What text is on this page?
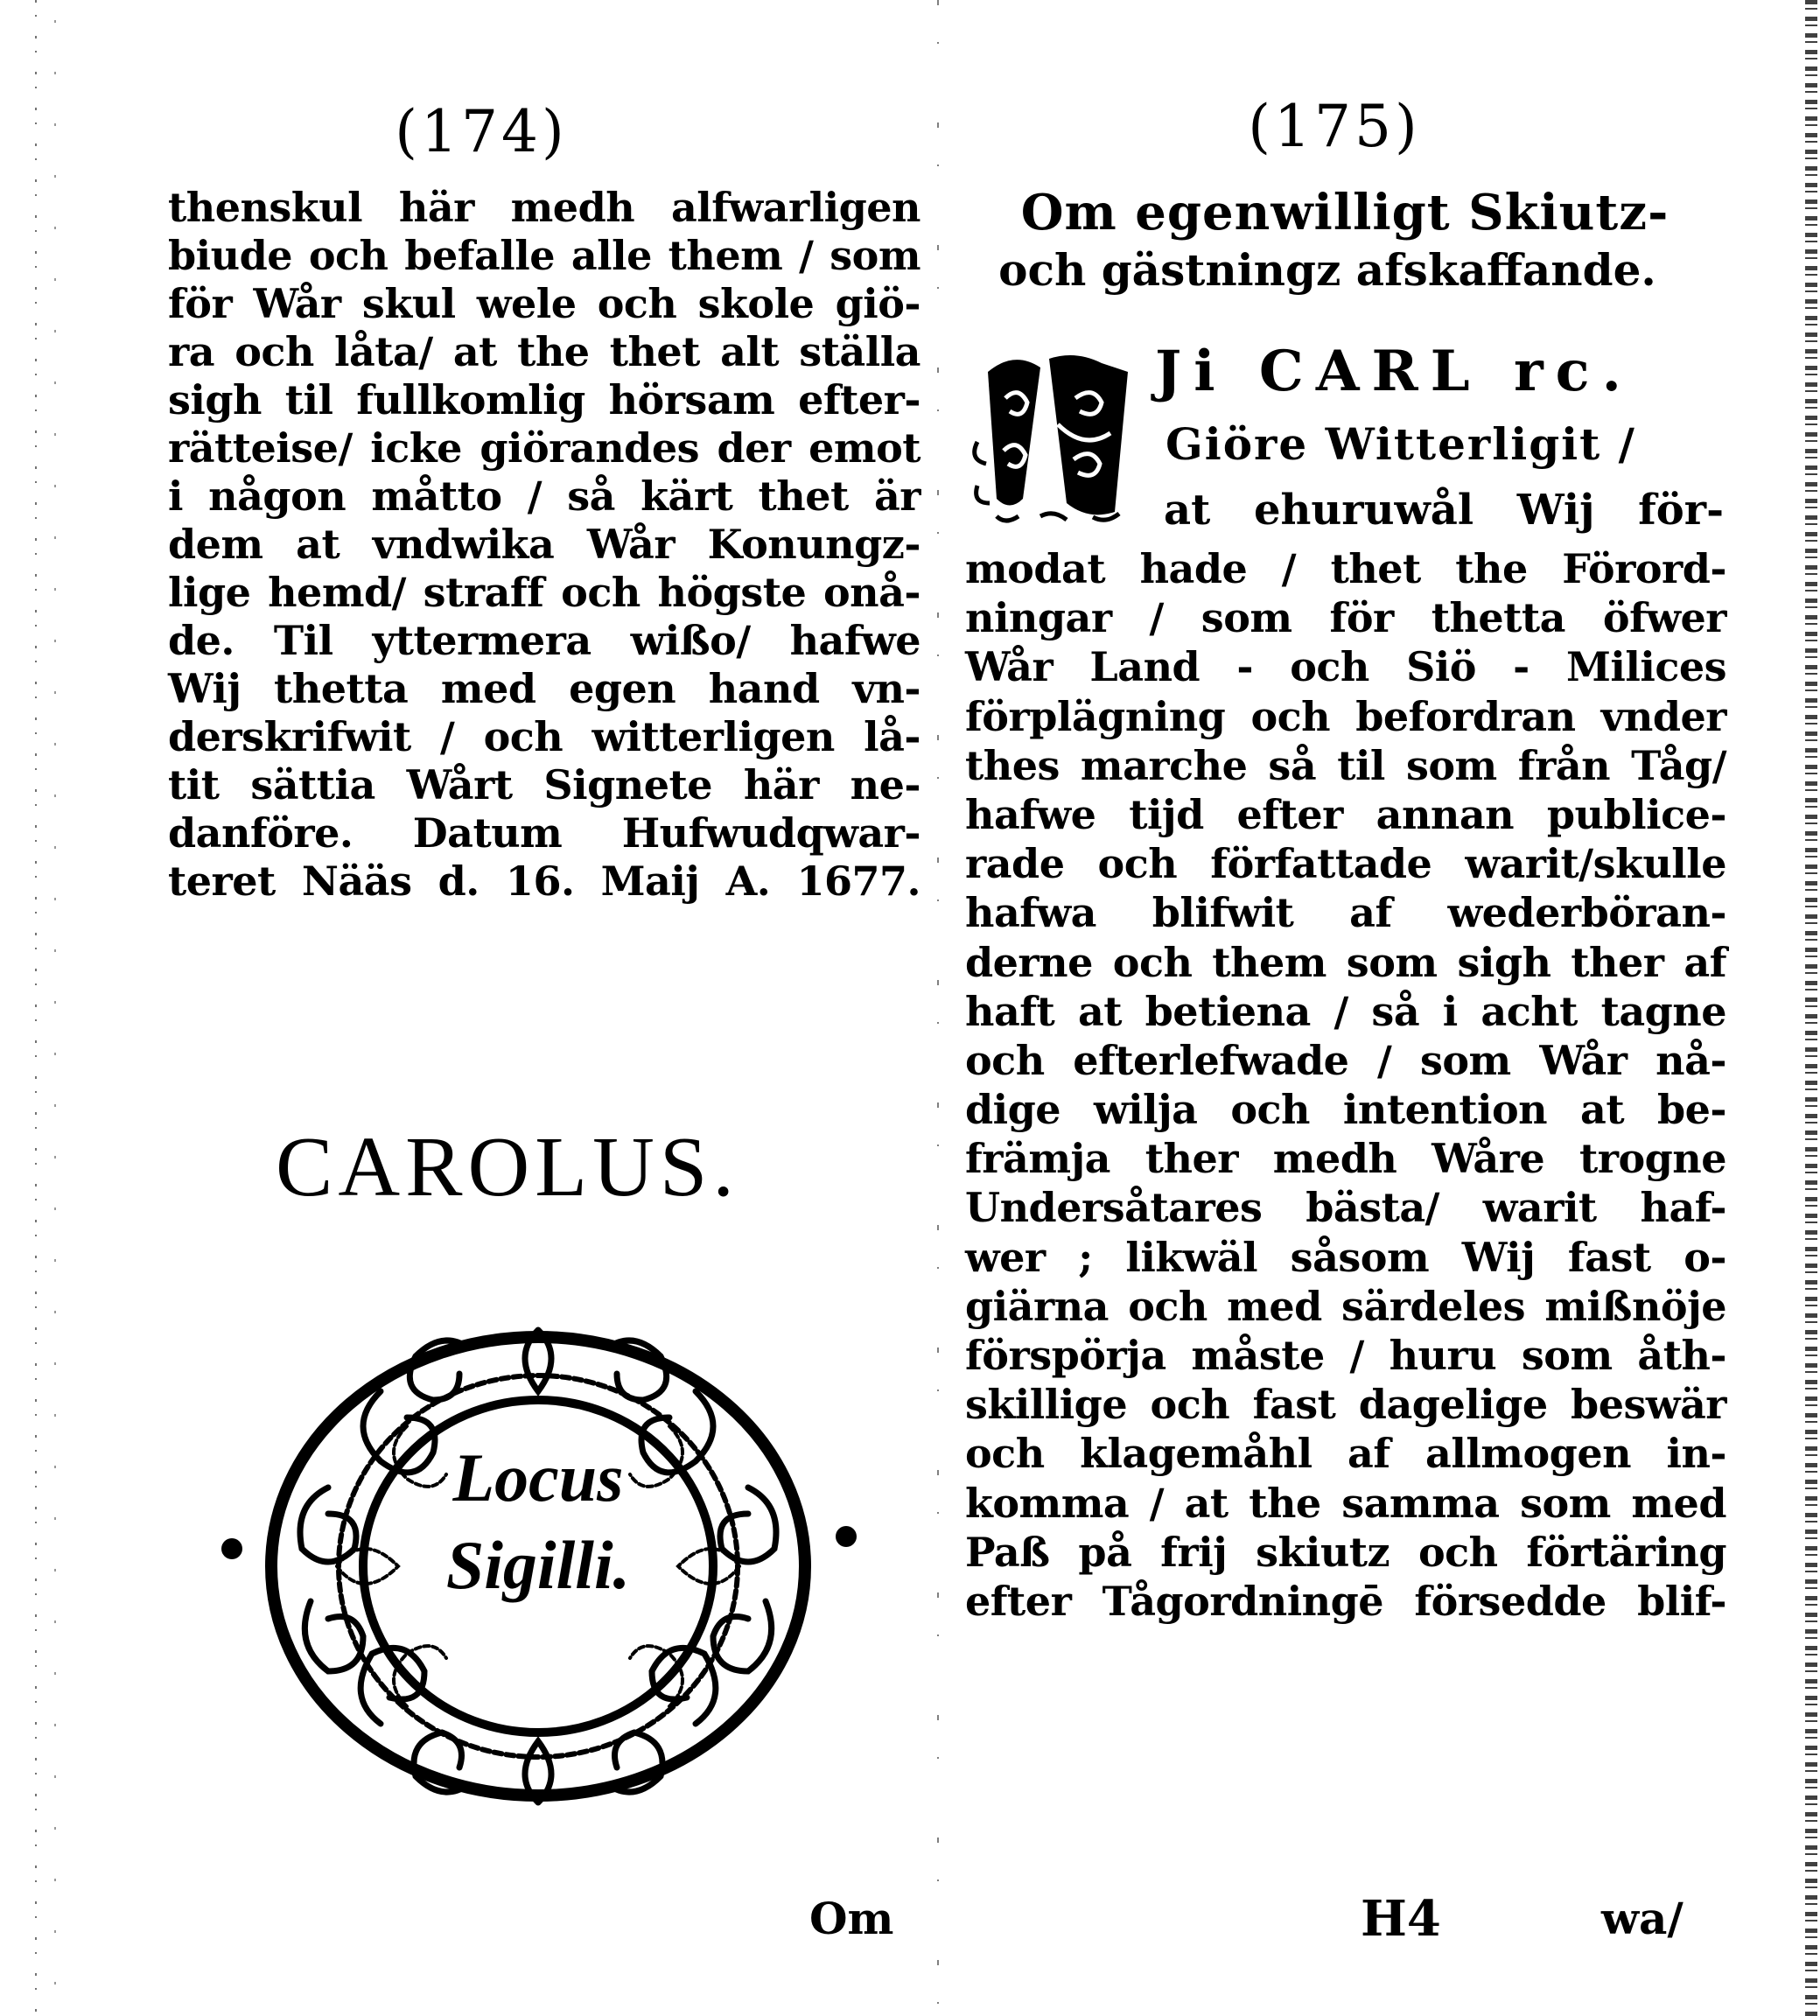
(174)
thenskul här medh alfwarligen
biude och befalle alle them / som
för Wår skul wele och skole giö-
ra och låta/ at the thet alt ställa
sigh til fullkomlig hörsam efter-
rätteise/ icke giörandes der emot
i någon måtto / så kärt thet är
dem at vndwika Wår Konungz-
lige hemd/ straff och högste onå-
de. Til yttermera wißo/ hafwe
Wij thetta med egen hand vn-
derskrifwit / och witterligen lå-
tit sättia Wårt Signete här ne-
danföre. Datum Hufwudqwar-
teret Nääs d. 16. Maij A. 1677.
CAROLUS.
Locus
Sigilli.
Om
(175)
Om egenwilligt Skiutz-
och gästningz afskaffande.
Ji CARL rc.
Giöre Witterligit /
at ehuruwål Wij för-
modat hade / thet the Förord-
ningar / som för thetta öfwer
Wår Land - och Siö - Milices
förplägning och befordran vnder
thes marche så til som från Tåg/
hafwe tijd efter annan publice-
rade och författade warit/skulle
hafwa blifwit af wederböran-
derne och them som sigh ther af
haft at betiena / så i acht tagne
och efterlefwade / som Wår nå-
dige wilja och intention at be-
främja ther medh Wåre trogne
Undersåtares bästa/ warit haf-
wer ; likwäl såsom Wij fast o-
giärna och med särdeles mißnöje
förspörja måste / huru som åth-
skillige och fast dagelige beswär
och klagemåhl af allmogen in-
komma / at the samma som med
Paß på frij skiutz och förtäring
efter Tågordningē försedde blif-
H4	wa/
